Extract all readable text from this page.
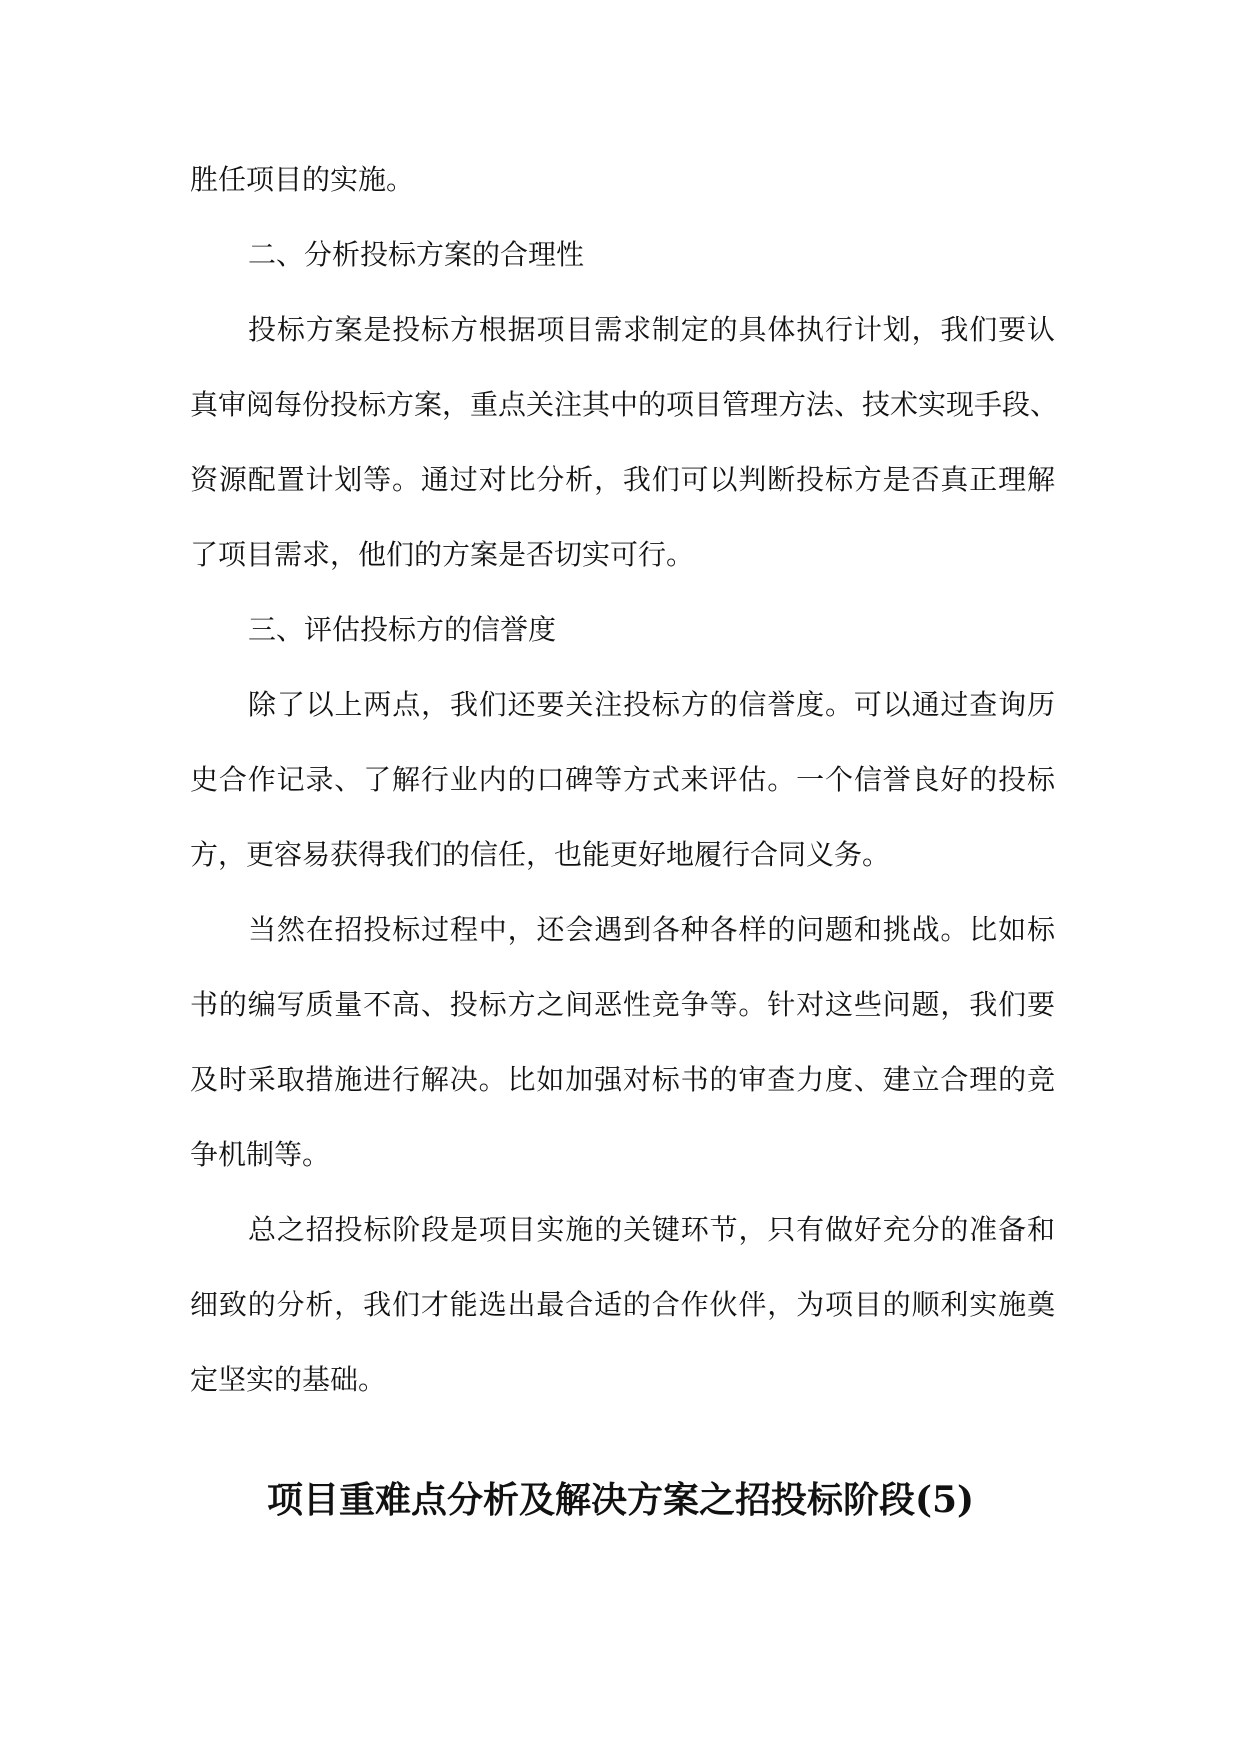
胜任项目的实施。
二、分析投标方案的合理性
投标方案是投标方根据项目需求制定的具体执行计划，我们要认
真审阅每份投标方案，重点关注其中的项目管理方法、技术实现手段、
资源配置计划等。通过对比分析，我们可以判断投标方是否真正理解
了项目需求，他们的方案是否切实可行。
三、评估投标方的信誉度
除了以上两点，我们还要关注投标方的信誉度。可以通过查询历
史合作记录、了解行业内的口碑等方式来评估。一个信誉良好的投标
方，更容易获得我们的信任，也能更好地履行合同义务。
当然在招投标过程中，还会遇到各种各样的问题和挑战。比如标
书的编写质量不高、投标方之间恶性竞争等。针对这些问题，我们要
及时采取措施进行解决。比如加强对标书的审查力度、建立合理的竞
争机制等。
总之招投标阶段是项目实施的关键环节，只有做好充分的准备和
细致的分析，我们才能选出最合适的合作伙伴，为项目的顺利实施奠
定坚实的基础。
项目重难点分析及解决方案之招投标阶段(5)
